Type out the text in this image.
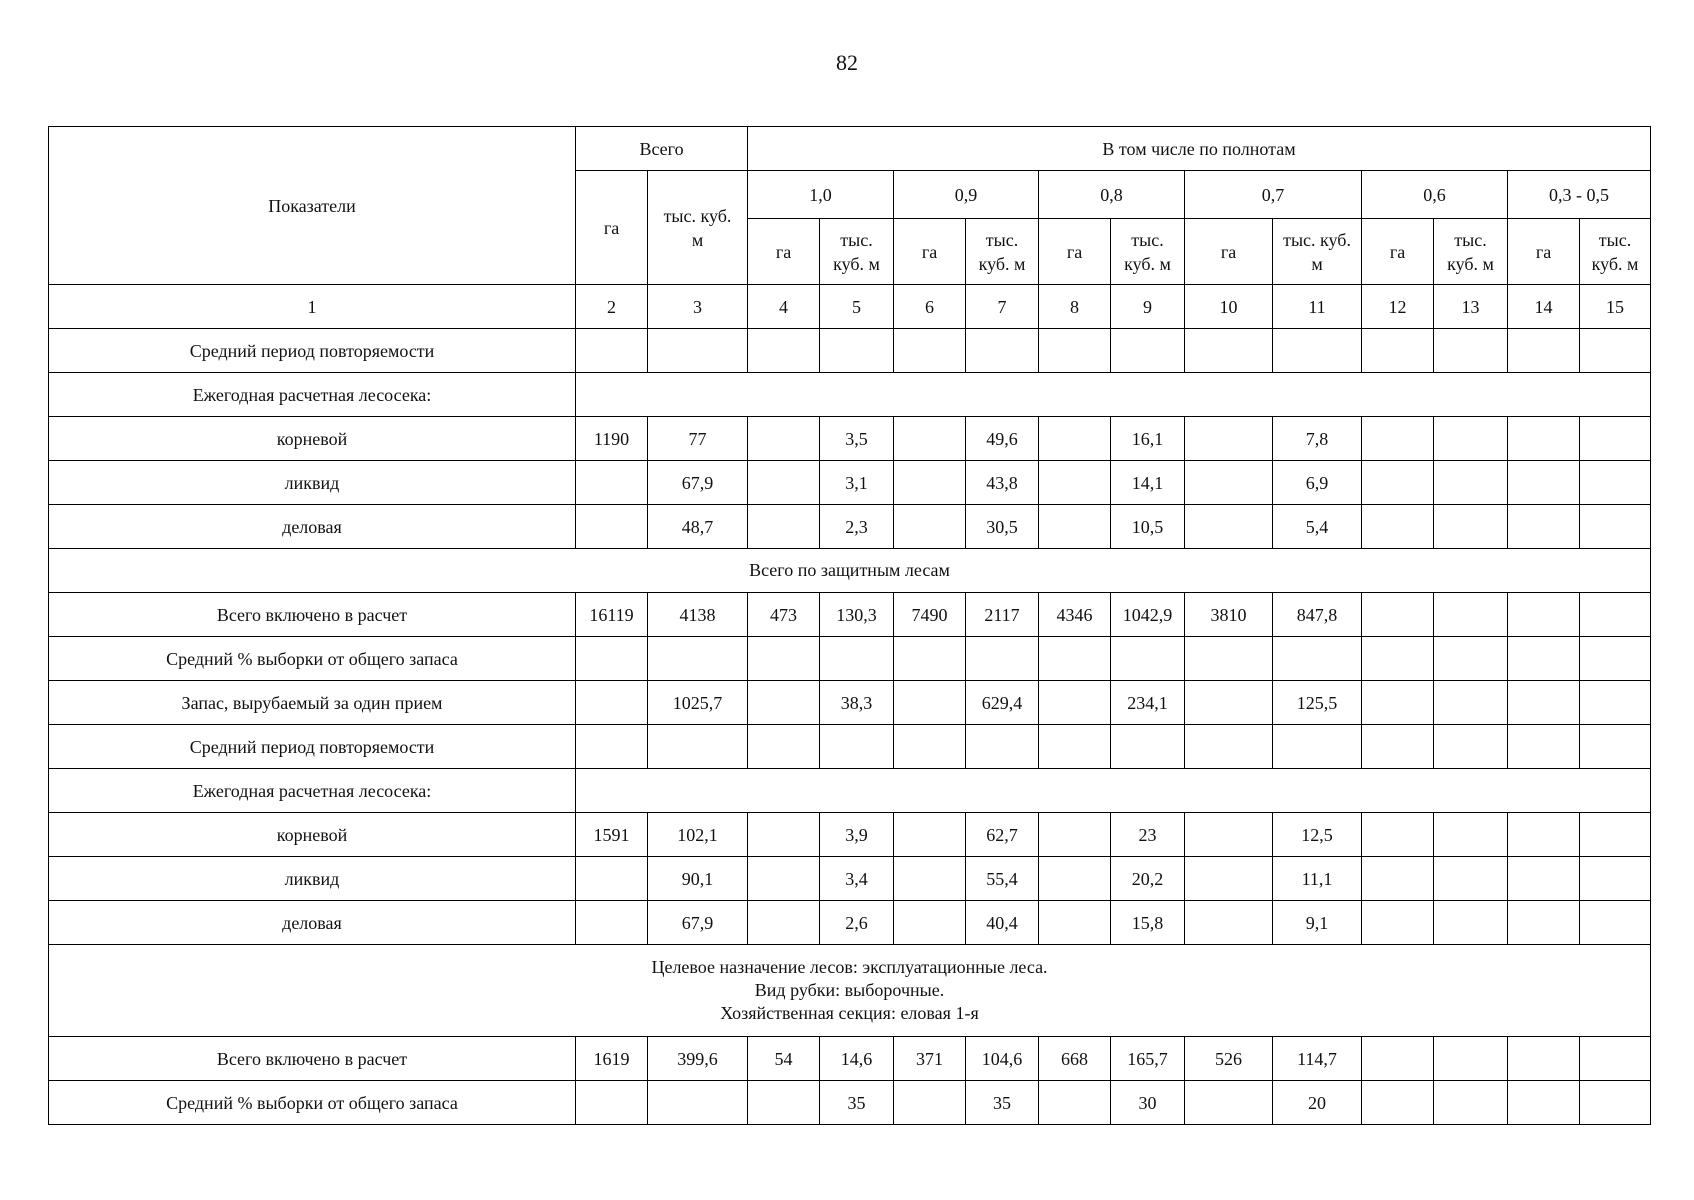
82
Показатели	Всего		В том числе по полнотам											
	га	тыс. куб. м	1,0		0,9		0,8		0,7		0,6		0,3 - 0,5	
			га	тыс. куб. м	га	тыс. куб. м	га	тыс. куб. м	га	тыс. куб. м	га	тыс. куб. м	га	тыс. куб. м
1	2	3	4	5	6	7	8	9	10	11	12	13	14	15
Средний период повторяемости														
Ежегодная расчетная лесосека:														
корневой	1190	77		3,5		49,6		16,1		7,8				
ликвид		67,9		3,1		43,8		14,1		6,9				
деловая		48,7		2,3		30,5		10,5		5,4				

Всего по защитным лесам														

Всего включено в расчет	16119	4138	473	130,3	7490	2117	4346	1042,9	3810	847,8				
Средний % выборки от общего запаса														
Запас, вырубаемый за один прием		1025,7		38,3		629,4		234,1		125,5				
Средний период повторяемости														
Ежегодная расчетная лесосека:														
корневой	1591	102,1		3,9		62,7		23		12,5				
ликвид		90,1		3,4		55,4		20,2		11,1				
деловая		67,9		2,6		40,4		15,8		9,1				

Целевое назначение лесов: эксплуатационные леса.
Вид рубки: выборочные.
Хозяйственная секция: еловая 1-я														

Всего включено в расчет	1619	399,6	54	14,6	371	104,6	668	165,7	526	114,7				
Средний % выборки от общего запаса				35		35		30		20				
